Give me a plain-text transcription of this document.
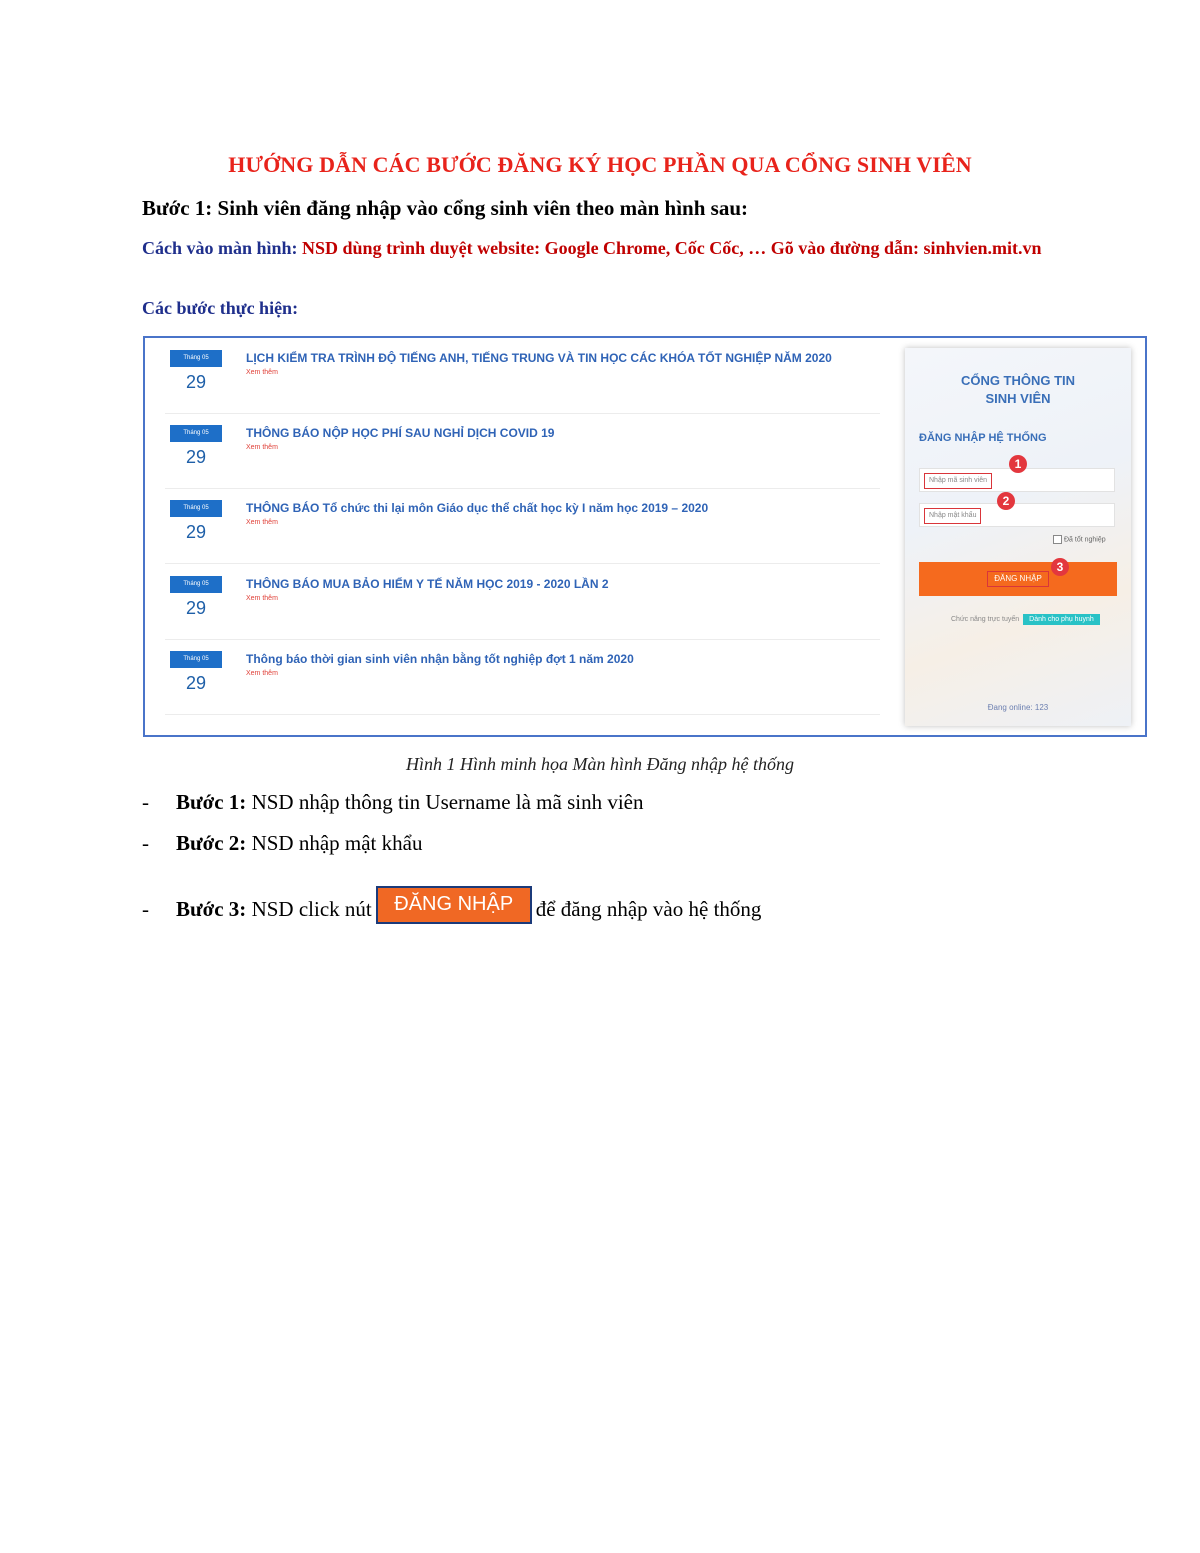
HƯỚNG DẪN CÁC BƯỚC ĐĂNG KÝ HỌC PHẦN QUA CỔNG SINH VIÊN
Bước 1: Sinh viên đăng nhập vào cổng sinh viên theo màn hình sau:
Cách vào màn hình: NSD dùng trình duyệt website: Google Chrome, Cốc Cốc, … Gõ vào đường dẫn: sinhvien.mit.vn
Các bước thực hiện:
Tháng 05
29
LỊCH KIỂM TRA TRÌNH ĐỘ TIẾNG ANH, TIẾNG TRUNG VÀ TIN HỌC CÁC KHÓA TỐT NGHIỆP NĂM 2020
Xem thêm
Tháng 05
29
THÔNG BÁO NỘP HỌC PHÍ SAU NGHỈ DỊCH COVID 19
Xem thêm
Tháng 05
29
THÔNG BÁO Tổ chức thi lại môn Giáo dục thể chất học kỳ I năm học 2019 – 2020
Xem thêm
Tháng 05
29
THÔNG BÁO MUA BẢO HIỂM Y TẾ NĂM HỌC 2019 - 2020 LẦN 2
Xem thêm
Tháng 05
29
Thông báo thời gian sinh viên nhận bằng tốt nghiệp đợt 1 năm 2020
Xem thêm
CỔNG THÔNG TIN
SINH VIÊN
ĐĂNG NHẬP HỆ THỐNG
Nhập mã sinh viên
1
Nhập mật khẩu
2
Đã tốt nghiệp
ĐĂNG NHẬP
3
Chức năng trực tuyến Dành cho phụ huynh
Đang online: 123
Hình 1 Hình minh họa Màn hình Đăng nhập hệ thống
- Bước 1: NSD nhập thông tin Username là mã sinh viên
- Bước 2: NSD nhập mật khẩu
- Bước 3: NSD click nút ĐĂNG NHẬP để đăng nhập vào hệ thống
